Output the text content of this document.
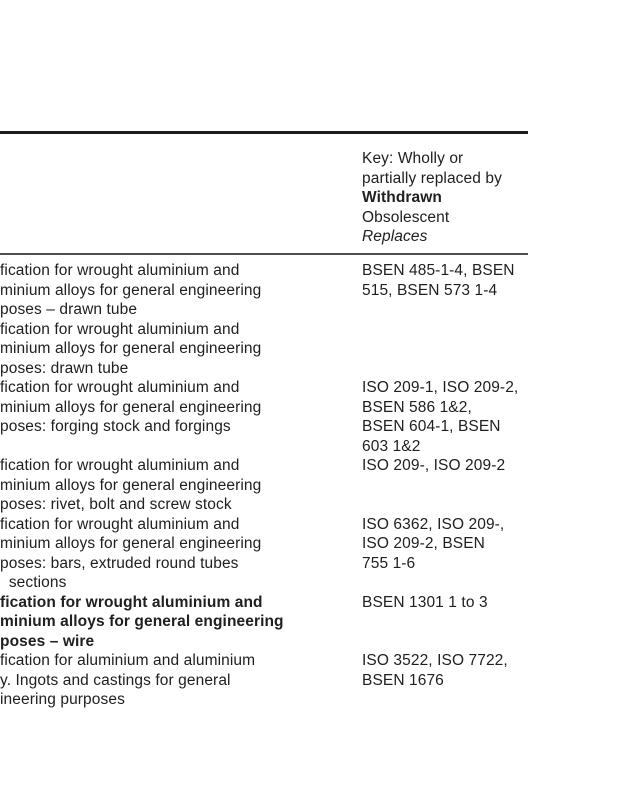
Key: Wholly or
partially replaced by
Withdrawn
Obsolescent
Replaces
fication for wrought aluminium and
minium alloys for general engineering
poses – drawn tube
BSEN 485-1-4, BSEN
515, BSEN 573 1-4
fication for wrought aluminium and
minium alloys for general engineering
poses: drawn tube
fication for wrought aluminium and
minium alloys for general engineering
poses: forging stock and forgings
ISO 209-1, ISO 209-2,
BSEN 586 1&2,
BSEN 604-1, BSEN
603 1&2
fication for wrought aluminium and
minium alloys for general engineering
poses: rivet, bolt and screw stock
ISO 209-, ISO 209-2
fication for wrought aluminium and
minium alloys for general engineering
poses: bars, extruded round tubes
sections
ISO 6362, ISO 209-,
ISO 209-2, BSEN
755 1-6
fication for wrought aluminium and
minium alloys for general engineering
poses – wire
BSEN 1301 1 to 3
fication for aluminium and aluminium
y. Ingots and castings for general
ineering purposes
ISO 3522, ISO 7722,
BSEN 1676
